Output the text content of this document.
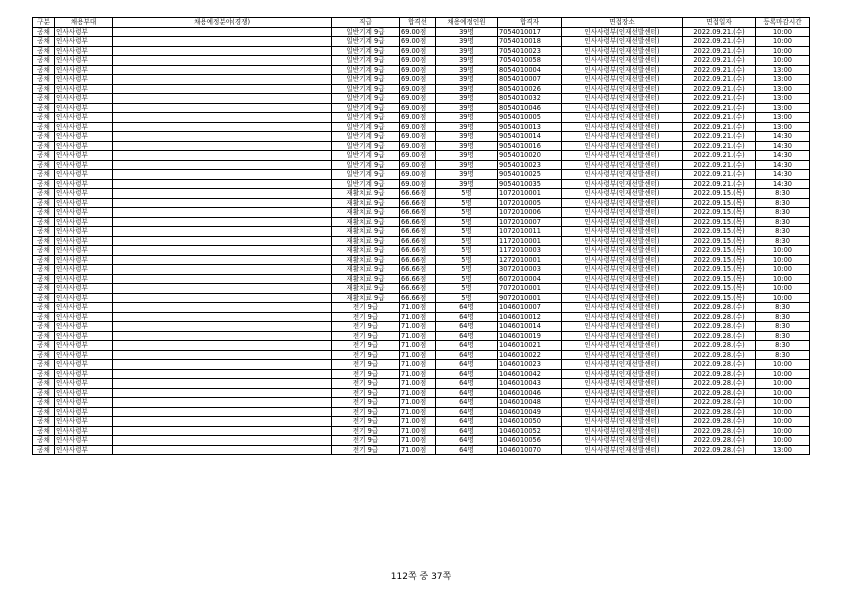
구분	채용부대	채용예정분야(경쟁)	직급	합격선	채용예정인원	합격자	면접장소	면접일자	등록마감시간
공채	인사사령부		일반기계 9급	69.00점	39명	7054010017	인사사령부(인재선발센터)	2022.09.21.(수)	10:00
공채	인사사령부		일반기계 9급	69.00점	39명	7054010018	인사사령부(인재선발센터)	2022.09.21.(수)	10:00
공채	인사사령부		일반기계 9급	69.00점	39명	7054010023	인사사령부(인재선발센터)	2022.09.21.(수)	10:00
공채	인사사령부		일반기계 9급	69.00점	39명	7054010058	인사사령부(인재선발센터)	2022.09.21.(수)	10:00
공채	인사사령부		일반기계 9급	69.00점	39명	8054010004	인사사령부(인재선발센터)	2022.09.21.(수)	13:00
공채	인사사령부		일반기계 9급	69.00점	39명	8054010007	인사사령부(인재선발센터)	2022.09.21.(수)	13:00
공채	인사사령부		일반기계 9급	69.00점	39명	8054010026	인사사령부(인재선발센터)	2022.09.21.(수)	13:00
공채	인사사령부		일반기계 9급	69.00점	39명	8054010032	인사사령부(인재선발센터)	2022.09.21.(수)	13:00
공채	인사사령부		일반기계 9급	69.00점	39명	8054010046	인사사령부(인재선발센터)	2022.09.21.(수)	13:00
공채	인사사령부		일반기계 9급	69.00점	39명	9054010005	인사사령부(인재선발센터)	2022.09.21.(수)	13:00
공채	인사사령부		일반기계 9급	69.00점	39명	9054010013	인사사령부(인재선발센터)	2022.09.21.(수)	13:00
공채	인사사령부		일반기계 9급	69.00점	39명	9054010014	인사사령부(인재선발센터)	2022.09.21.(수)	14:30
공채	인사사령부		일반기계 9급	69.00점	39명	9054010016	인사사령부(인재선발센터)	2022.09.21.(수)	14:30
공채	인사사령부		일반기계 9급	69.00점	39명	9054010020	인사사령부(인재선발센터)	2022.09.21.(수)	14:30
공채	인사사령부		일반기계 9급	69.00점	39명	9054010023	인사사령부(인재선발센터)	2022.09.21.(수)	14:30
공채	인사사령부		일반기계 9급	69.00점	39명	9054010025	인사사령부(인재선발센터)	2022.09.21.(수)	14:30
공채	인사사령부		일반기계 9급	69.00점	39명	9054010035	인사사령부(인재선발센터)	2022.09.21.(수)	14:30
공채	인사사령부		재활치료 9급	66.66점	5명	1072010001	인사사령부(인재선발센터)	2022.09.15.(목)	8:30
공채	인사사령부		재활치료 9급	66.66점	5명	1072010005	인사사령부(인재선발센터)	2022.09.15.(목)	8:30
공채	인사사령부		재활치료 9급	66.66점	5명	1072010006	인사사령부(인재선발센터)	2022.09.15.(목)	8:30
공채	인사사령부		재활치료 9급	66.66점	5명	1072010007	인사사령부(인재선발센터)	2022.09.15.(목)	8:30
공채	인사사령부		재활치료 9급	66.66점	5명	1072010011	인사사령부(인재선발센터)	2022.09.15.(목)	8:30
공채	인사사령부		재활치료 9급	66.66점	5명	1172010001	인사사령부(인재선발센터)	2022.09.15.(목)	8:30
공채	인사사령부		재활치료 9급	66.66점	5명	1172010003	인사사령부(인재선발센터)	2022.09.15.(목)	10:00
공채	인사사령부		재활치료 9급	66.66점	5명	1272010001	인사사령부(인재선발센터)	2022.09.15.(목)	10:00
공채	인사사령부		재활치료 9급	66.66점	5명	3072010003	인사사령부(인재선발센터)	2022.09.15.(목)	10:00
공채	인사사령부		재활치료 9급	66.66점	5명	6072010004	인사사령부(인재선발센터)	2022.09.15.(목)	10:00
공채	인사사령부		재활치료 9급	66.66점	5명	7072010001	인사사령부(인재선발센터)	2022.09.15.(목)	10:00
공채	인사사령부		재활치료 9급	66.66점	5명	9072010001	인사사령부(인재선발센터)	2022.09.15.(목)	10:00
공채	인사사령부		전기 9급	71.00점	64명	1046010007	인사사령부(인재선발센터)	2022.09.28.(수)	8:30
공채	인사사령부		전기 9급	71.00점	64명	1046010012	인사사령부(인재선발센터)	2022.09.28.(수)	8:30
공채	인사사령부		전기 9급	71.00점	64명	1046010014	인사사령부(인재선발센터)	2022.09.28.(수)	8:30
공채	인사사령부		전기 9급	71.00점	64명	1046010019	인사사령부(인재선발센터)	2022.09.28.(수)	8:30
공채	인사사령부		전기 9급	71.00점	64명	1046010021	인사사령부(인재선발센터)	2022.09.28.(수)	8:30
공채	인사사령부		전기 9급	71.00점	64명	1046010022	인사사령부(인재선발센터)	2022.09.28.(수)	8:30
공채	인사사령부		전기 9급	71.00점	64명	1046010023	인사사령부(인재선발센터)	2022.09.28.(수)	10:00
공채	인사사령부		전기 9급	71.00점	64명	1046010042	인사사령부(인재선발센터)	2022.09.28.(수)	10:00
공채	인사사령부		전기 9급	71.00점	64명	1046010043	인사사령부(인재선발센터)	2022.09.28.(수)	10:00
공채	인사사령부		전기 9급	71.00점	64명	1046010046	인사사령부(인재선발센터)	2022.09.28.(수)	10:00
공채	인사사령부		전기 9급	71.00점	64명	1046010048	인사사령부(인재선발센터)	2022.09.28.(수)	10:00
공채	인사사령부		전기 9급	71.00점	64명	1046010049	인사사령부(인재선발센터)	2022.09.28.(수)	10:00
공채	인사사령부		전기 9급	71.00점	64명	1046010050	인사사령부(인재선발센터)	2022.09.28.(수)	10:00
공채	인사사령부		전기 9급	71.00점	64명	1046010052	인사사령부(인재선발센터)	2022.09.28.(수)	10:00
공채	인사사령부		전기 9급	71.00점	64명	1046010056	인사사령부(인재선발센터)	2022.09.28.(수)	10:00
공채	인사사령부		전기 9급	71.00점	64명	1046010070	인사사령부(인재선발센터)	2022.09.28.(수)	13:00
112쪽 중 37쪽
